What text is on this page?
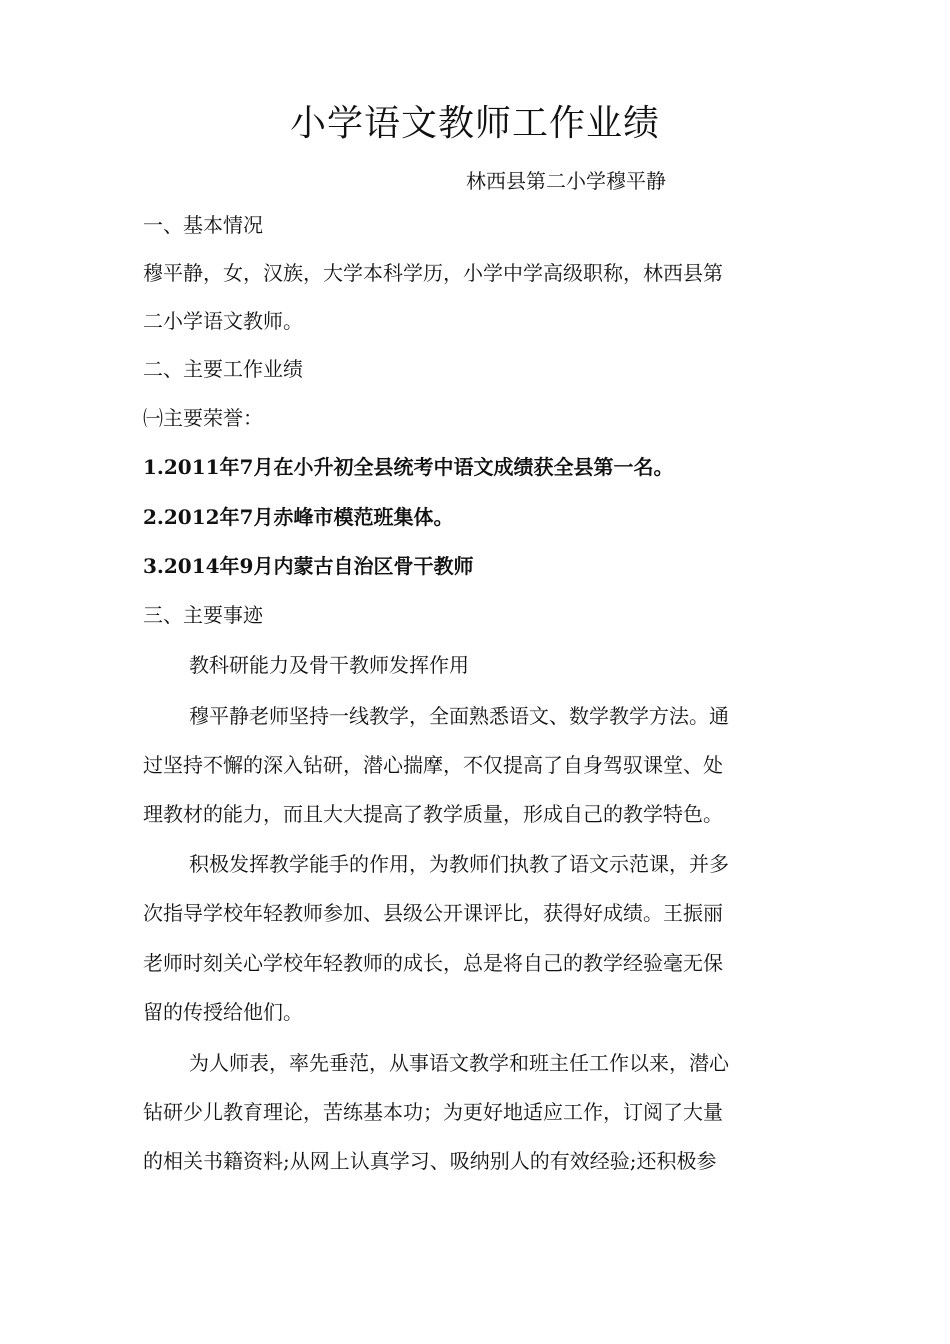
小学语文教师工作业绩
林西县第二小学穆平静
一、基本情况
穆平静，女，汉族，大学本科学历，小学中学高级职称，林西县第
二小学语文教师。
二、主要工作业绩
㈠主要荣誉：
1.2011年7月在小升初全县统考中语文成绩获全县第一名。
2.2012年7月赤峰市模范班集体。
3.2014年9月内蒙古自治区骨干教师
三、主要事迹
教科研能力及骨干教师发挥作用
穆平静老师坚持一线教学，全面熟悉语文、数学教学方法。通
过坚持不懈的深入钻研，潜心揣摩，不仅提高了自身驾驭课堂、处
理教材的能力，而且大大提高了教学质量，形成自己的教学特色。
积极发挥教学能手的作用，为教师们执教了语文示范课，并多
次指导学校年轻教师参加、县级公开课评比，获得好成绩。王振丽
老师时刻关心学校年轻教师的成长，总是将自己的教学经验毫无保
留的传授给他们。
为人师表，率先垂范，从事语文教学和班主任工作以来，潜心
钻研少儿教育理论，苦练基本功；为更好地适应工作，订阅了大量
的相关书籍资料;从网上认真学习、吸纳别人的有效经验;还积极参
